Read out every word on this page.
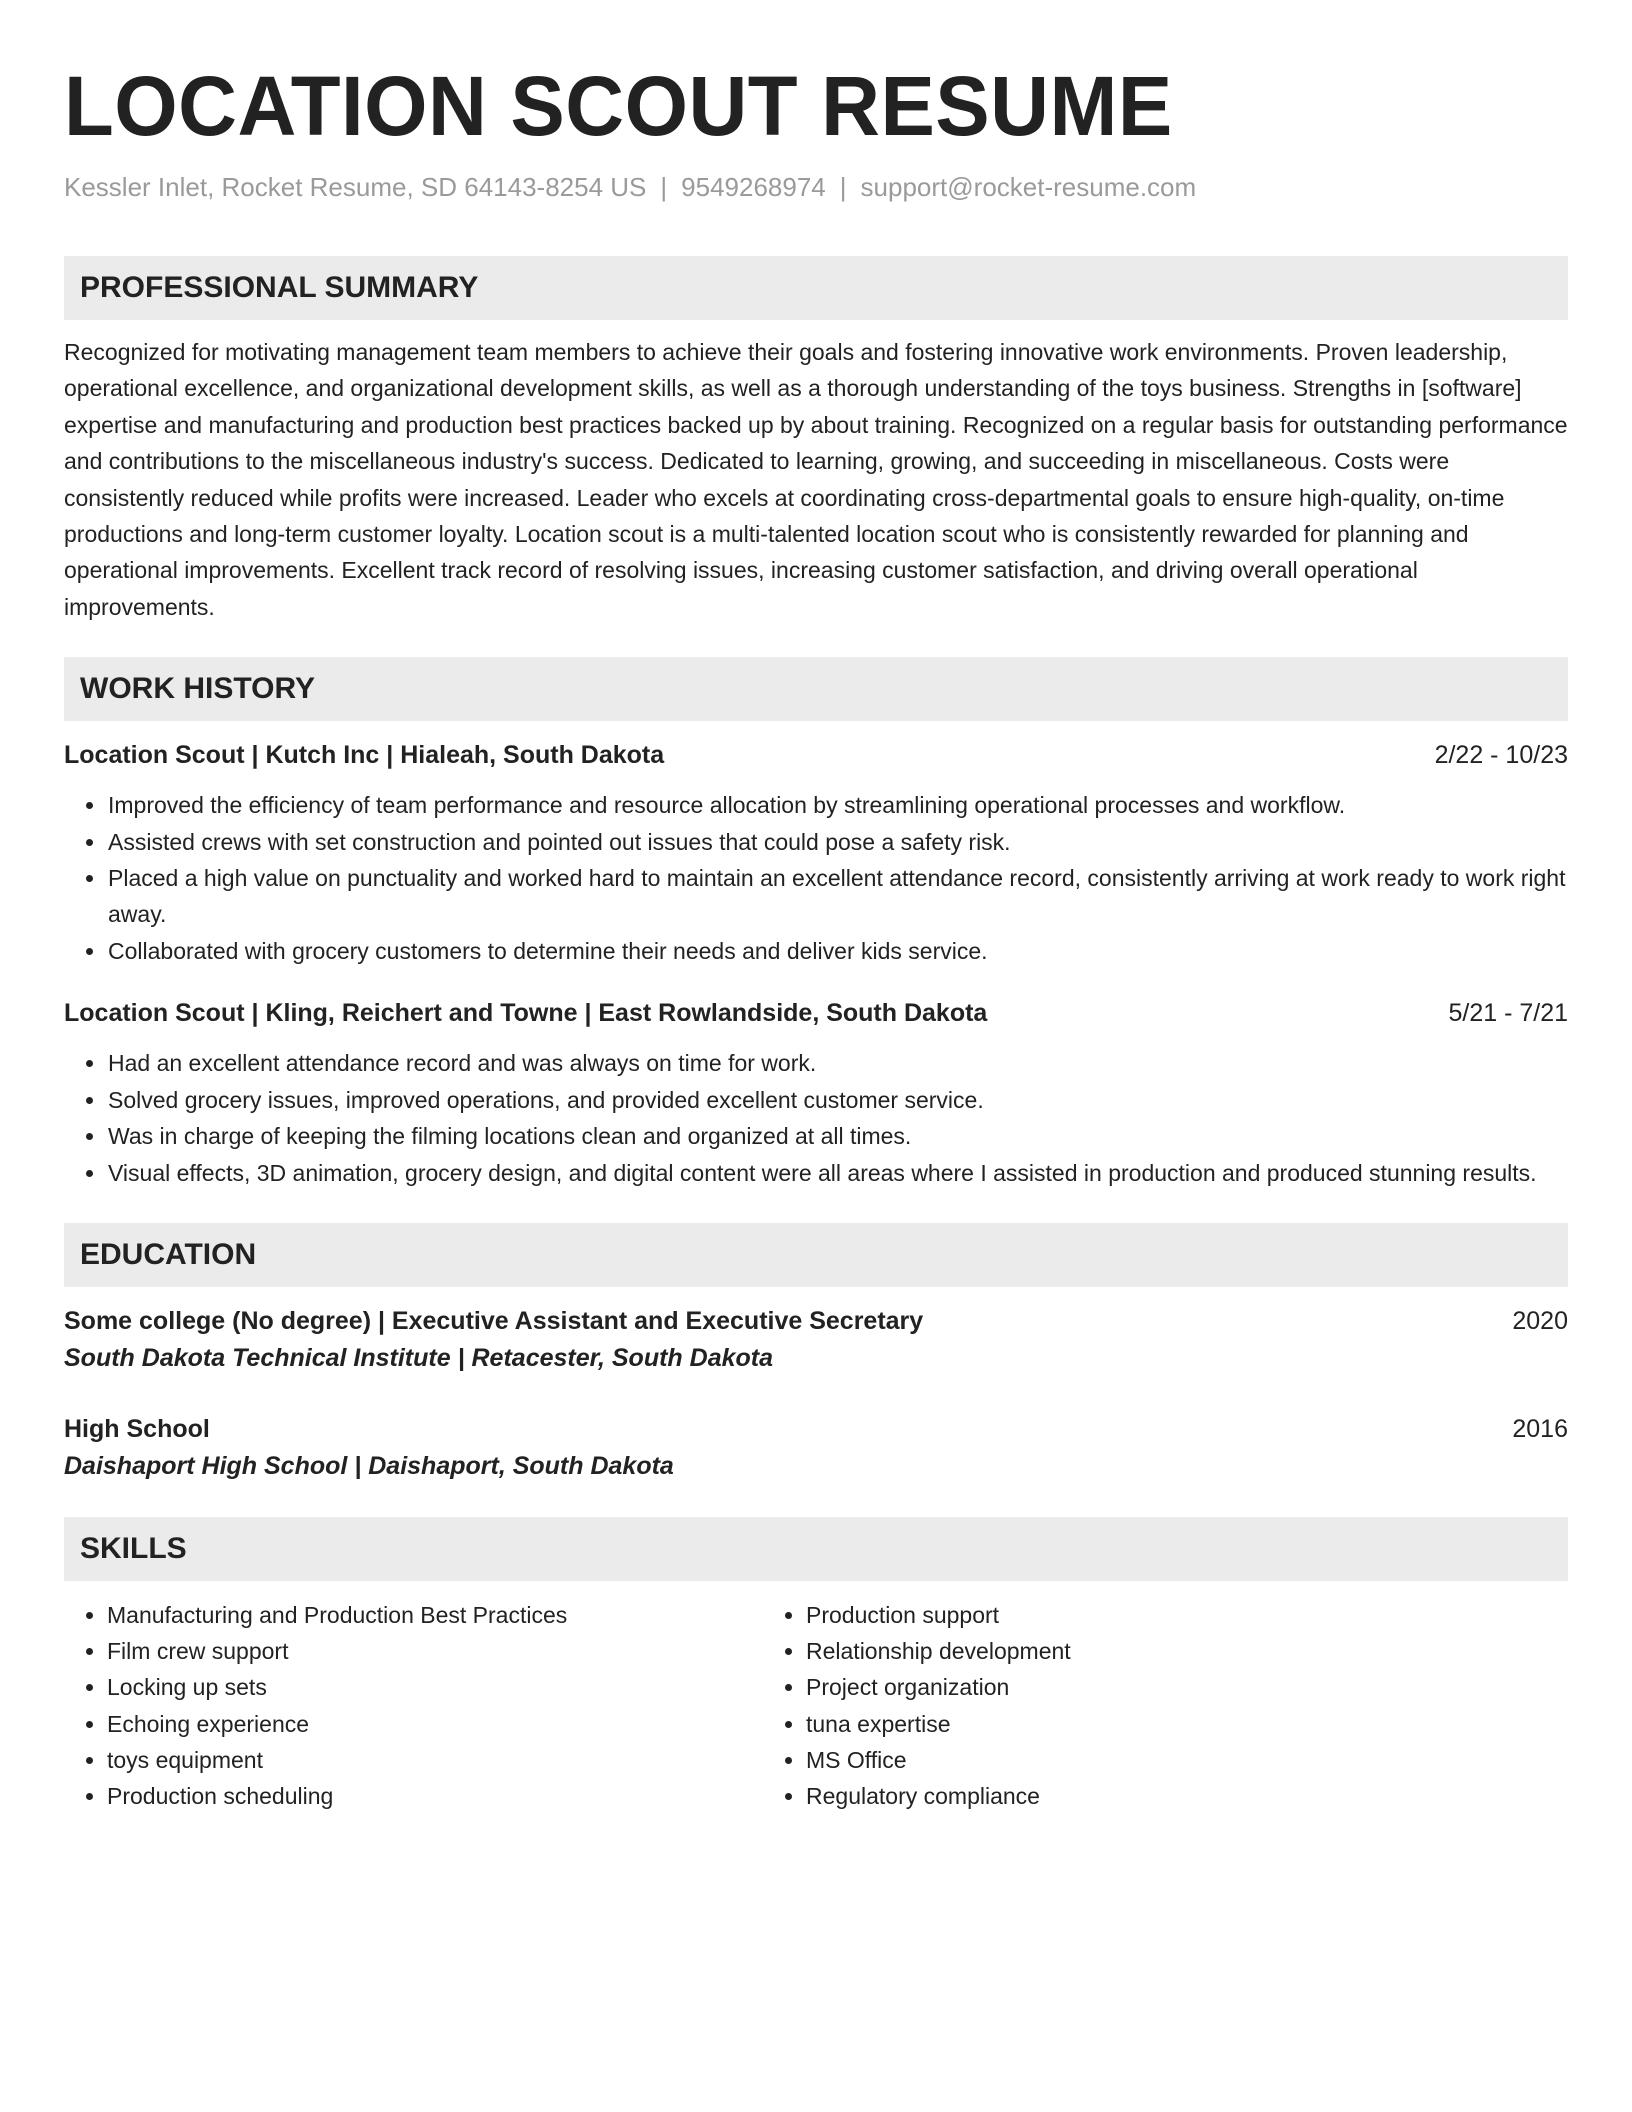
LOCATION SCOUT RESUME
Kessler Inlet, Rocket Resume, SD 64143-8254 US | 9549268974 | support@rocket-resume.com
PROFESSIONAL SUMMARY
Recognized for motivating management team members to achieve their goals and fostering innovative work environments. Proven leadership, operational excellence, and organizational development skills, as well as a thorough understanding of the toys business. Strengths in [software] expertise and manufacturing and production best practices backed up by about training. Recognized on a regular basis for outstanding performance and contributions to the miscellaneous industry's success. Dedicated to learning, growing, and succeeding in miscellaneous. Costs were consistently reduced while profits were increased. Leader who excels at coordinating cross-departmental goals to ensure high-quality, on-time productions and long-term customer loyalty. Location scout is a multi-talented location scout who is consistently rewarded for planning and operational improvements. Excellent track record of resolving issues, increasing customer satisfaction, and driving overall operational improvements.
WORK HISTORY
Location Scout | Kutch Inc | Hialeah, South Dakota	2/22 - 10/23
• Improved the efficiency of team performance and resource allocation by streamlining operational processes and workflow.
• Assisted crews with set construction and pointed out issues that could pose a safety risk.
• Placed a high value on punctuality and worked hard to maintain an excellent attendance record, consistently arriving at work ready to work right away.
• Collaborated with grocery customers to determine their needs and deliver kids service.
Location Scout | Kling, Reichert and Towne | East Rowlandside, South Dakota	5/21 - 7/21
• Had an excellent attendance record and was always on time for work.
• Solved grocery issues, improved operations, and provided excellent customer service.
• Was in charge of keeping the filming locations clean and organized at all times.
• Visual effects, 3D animation, grocery design, and digital content were all areas where I assisted in production and produced stunning results.
EDUCATION
Some college (No degree) | Executive Assistant and Executive Secretary	2020
South Dakota Technical Institute | Retacester, South Dakota
High School	2016
Daishaport High School | Daishaport, South Dakota
SKILLS
• Manufacturing and Production Best Practices
• Film crew support
• Locking up sets
• Echoing experience
• toys equipment
• Production scheduling
• Production support
• Relationship development
• Project organization
• tuna expertise
• MS Office
• Regulatory compliance
